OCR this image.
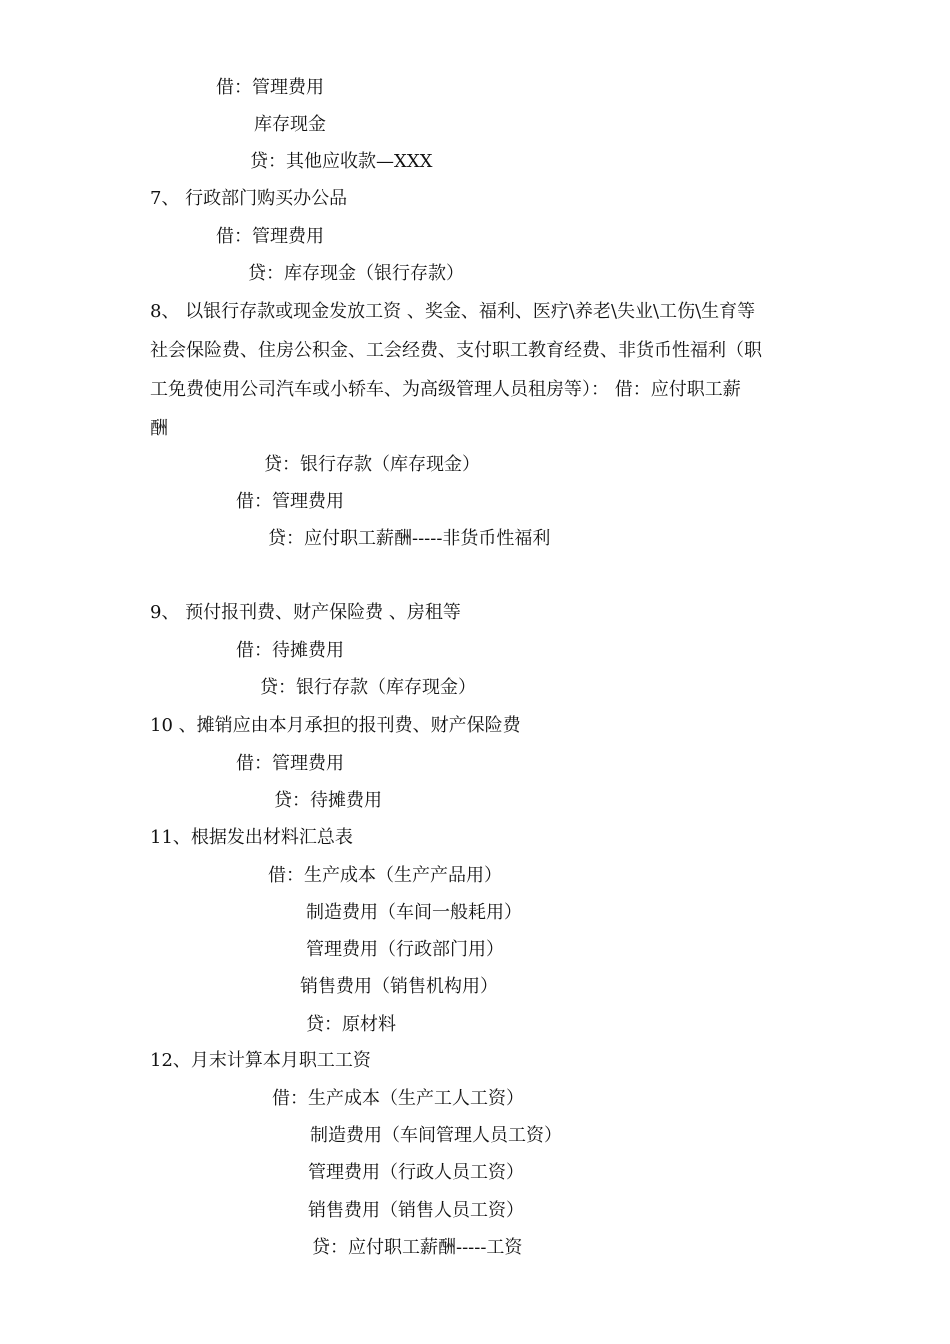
借：管理费用
库存现金
贷：其他应收款—XXX
7、 行政部门购买办公品
借：管理费用
贷：库存现金（银行存款）
8、 以银行存款或现金发放工资 、奖金、福利、医疗\养老\失业\工伤\生育等
社会保险费、住房公积金、工会经费、支付职工教育经费、非货币性福利（职
工免费使用公司汽车或小轿车、为高级管理人员租房等）： 借：应付职工薪
酬
贷：银行存款（库存现金）
借：管理费用
贷：应付职工薪酬-----非货币性福利
9、 预付报刊费、财产保险费 、房租等
借：待摊费用
贷：银行存款（库存现金）
10 、摊销应由本月承担的报刊费、财产保险费
借：管理费用
贷：待摊费用
11、根据发出材料汇总表
借：生产成本（生产产品用）
制造费用（车间一般耗用）
管理费用（行政部门用）
销售费用（销售机构用）
贷：原材料
12、月末计算本月职工工资
借：生产成本（生产工人工资）
制造费用（车间管理人员工资）
管理费用（行政人员工资）
销售费用（销售人员工资）
贷：应付职工薪酬-----工资
